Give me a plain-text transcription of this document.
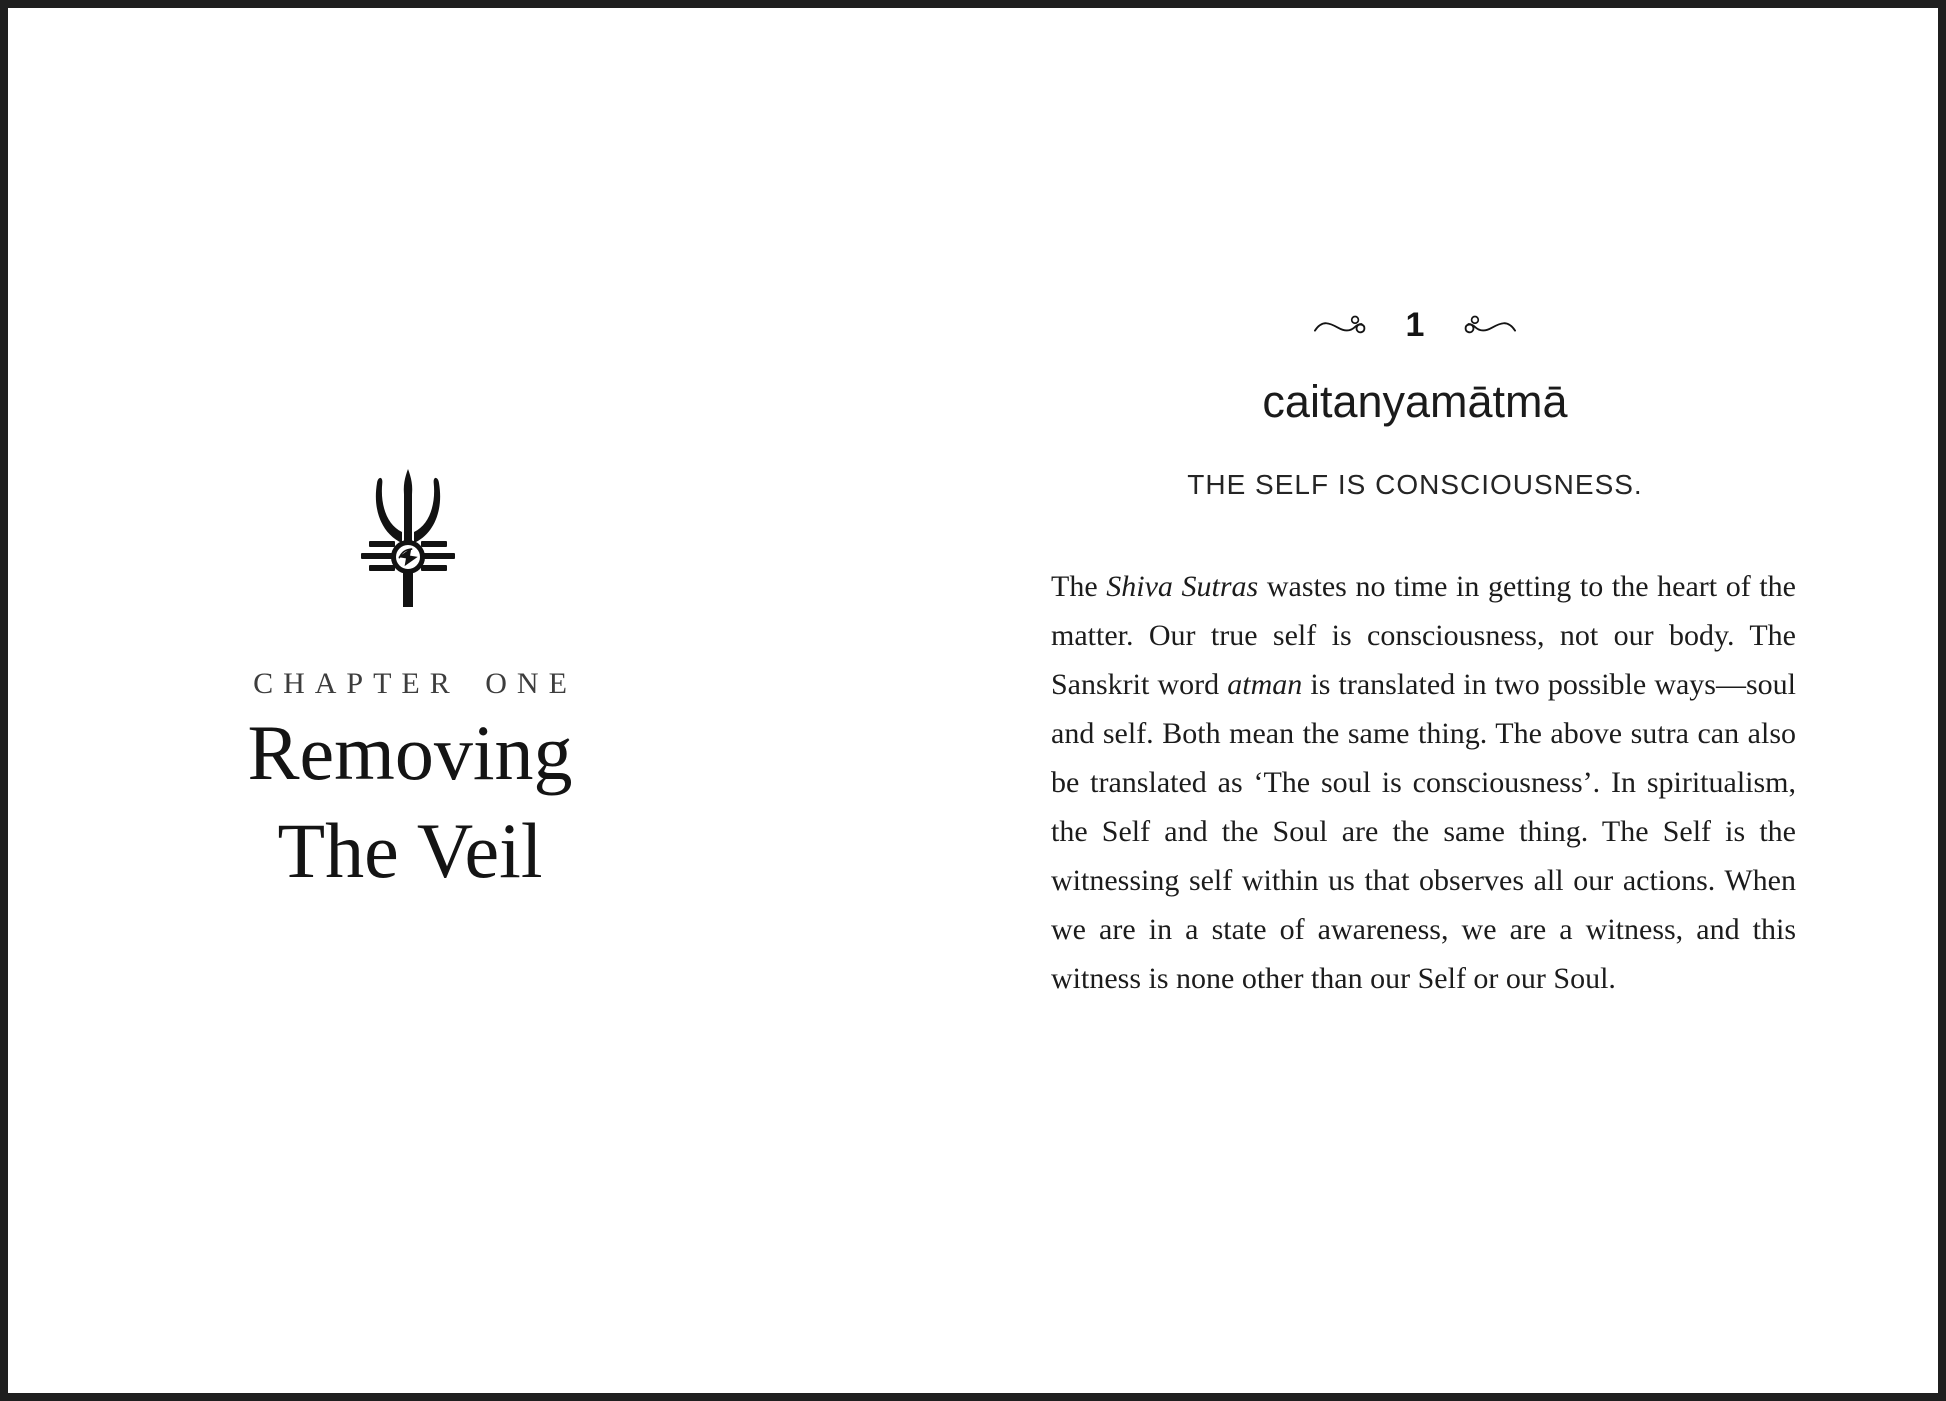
CHAPTER ONE
Removing
The Veil
1
caitanyamātmā
THE SELF IS CONSCIOUSNESS.

The Shiva Sutras wastes no time in getting to the heart of the matter. Our true self is consciousness, not our body. The Sanskrit word atman is translated in two possible ways—soul and self. Both mean the same thing. The above sutra can also be translated as ‘The soul is consciousness’. In spiritualism, the Self and the Soul are the same thing. The Self is the witnessing self within us that observes all our actions. When we are in a state of awareness, we are a witness, and this witness is none other than our Self or our Soul.
